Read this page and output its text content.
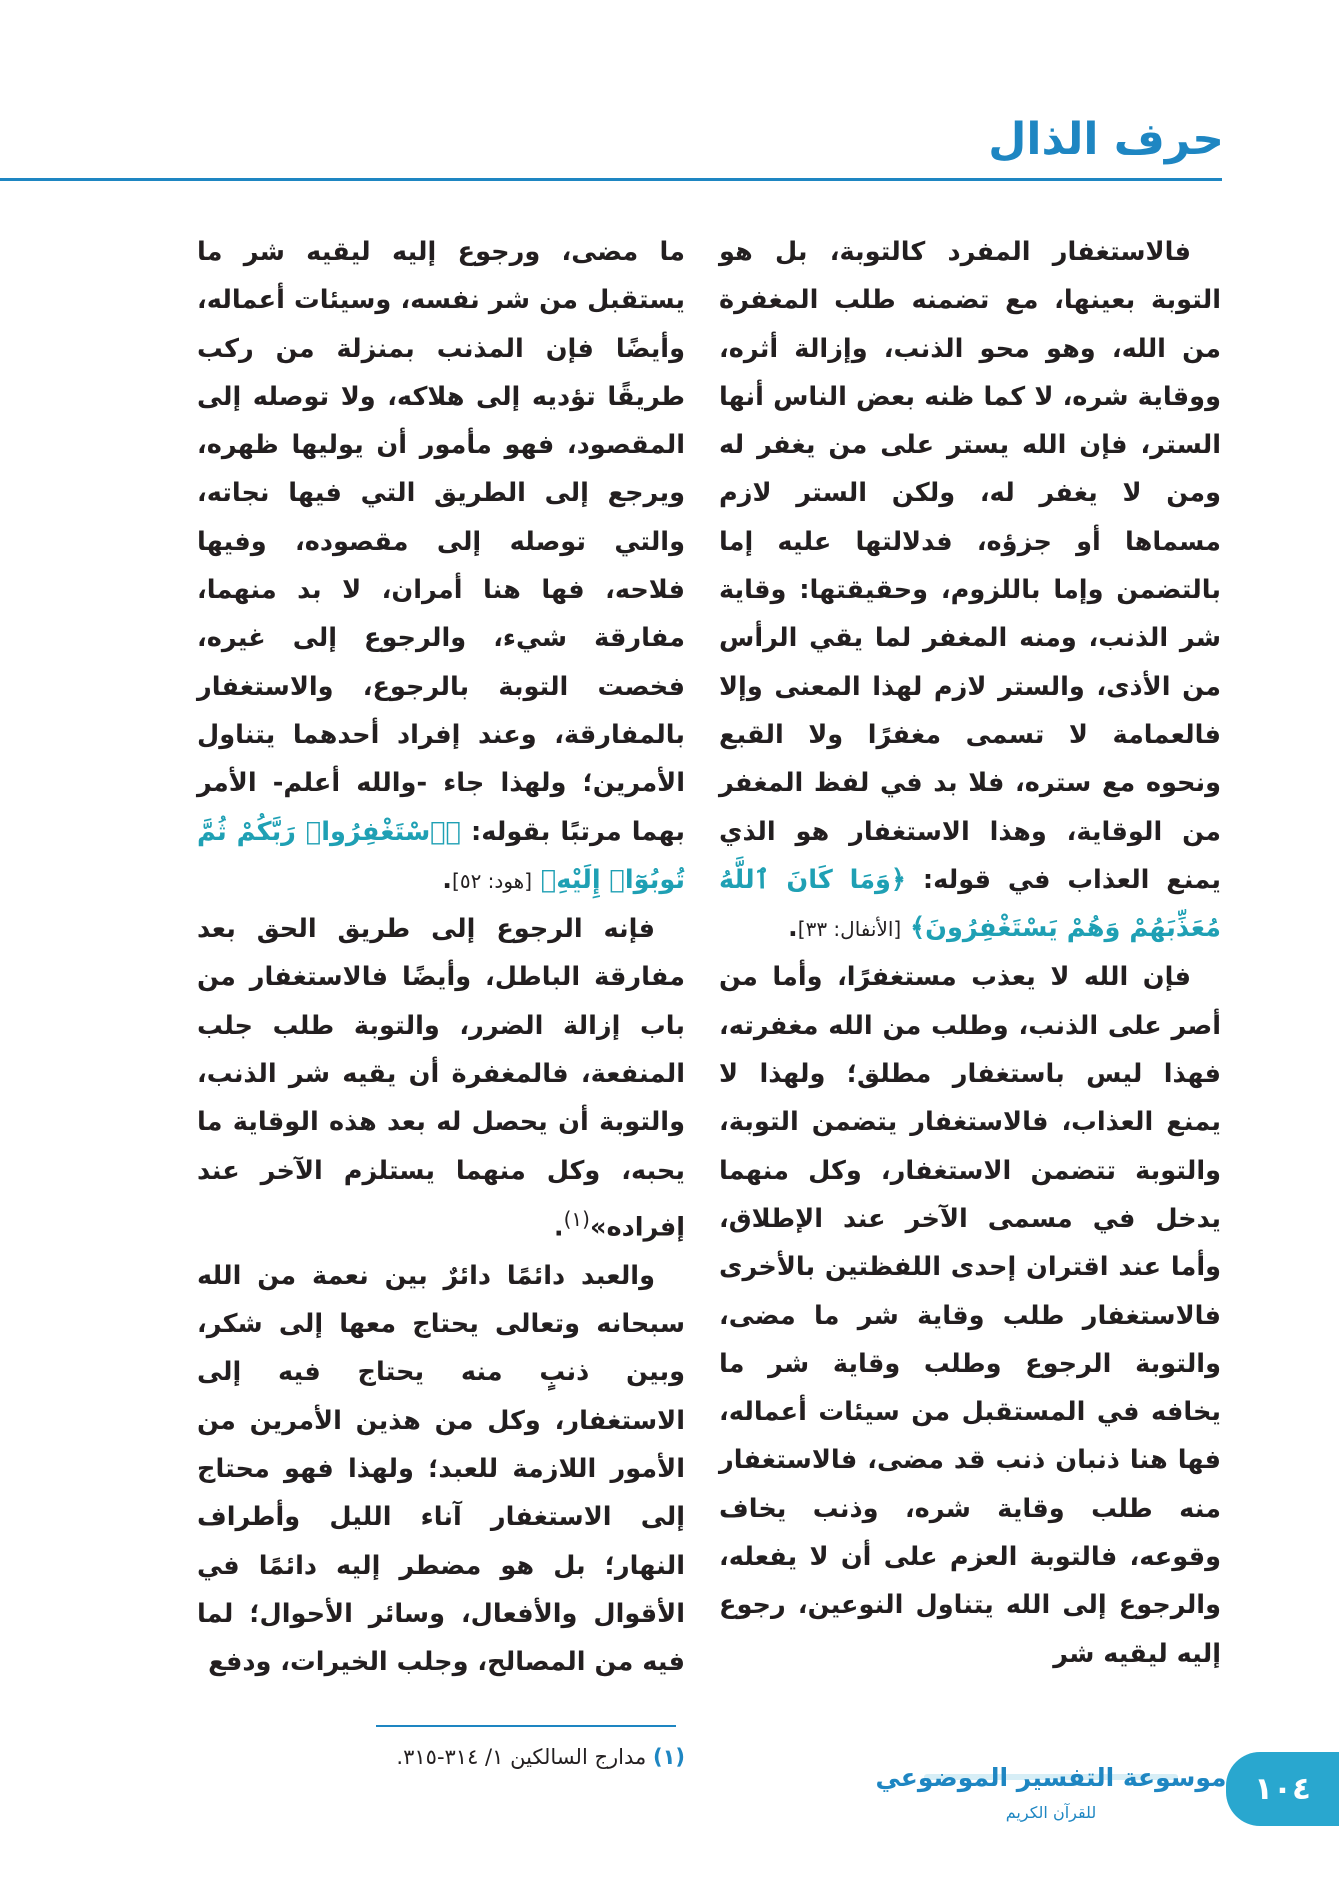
حرف الذال

فالاستغفار المفرد كالتوبة، بل هو التوبة بعينها، مع تضمنه طلب المغفرة من الله، وهو محو الذنب، وإزالة أثره، ووقاية شره، لا كما ظنه بعض الناس أنها الستر، فإن الله يستر على من يغفر له ومن لا يغفر له، ولكن الستر لازم مسماها أو جزؤه، فدلالتها عليه إما بالتضمن وإما باللزوم، وحقيقتها: وقاية شر الذنب، ومنه المغفر لما يقي الرأس من الأذى، والستر لازم لهذا المعنى وإلا فالعمامة لا تسمى مغفرًا ولا القبع ونحوه مع ستره، فلا بد في لفظ المغفر من الوقاية، وهذا الاستغفار هو الذي يمنع العذاب في قوله: ﴿وَمَا كَانَ ٱللَّهُ مُعَذِّبَهُمْ وَهُمْ يَسْتَغْفِرُونَ﴾ [الأنفال: ٣٣].

فإن الله لا يعذب مستغفرًا، وأما من أصر على الذنب، وطلب من الله مغفرته، فهذا ليس باستغفار مطلق؛ ولهذا لا يمنع العذاب، فالاستغفار يتضمن التوبة، والتوبة تتضمن الاستغفار، وكل منهما يدخل في مسمى الآخر عند الإطلاق، وأما عند اقتران إحدى اللفظتين بالأخرى فالاستغفار طلب وقاية شر ما مضى، والتوبة الرجوع وطلب وقاية شر ما يخافه في المستقبل من سيئات أعماله، فها هنا ذنبان ذنب قد مضى، فالاستغفار منه طلب وقاية شره، وذنب يخاف وقوعه، فالتوبة العزم على أن لا يفعله، والرجوع إلى الله يتناول النوعين، رجوع إليه ليقيه شر

ما مضى، ورجوع إليه ليقيه شر ما يستقبل من شر نفسه، وسيئات أعماله، وأيضًا فإن المذنب بمنزلة من ركب طريقًا تؤديه إلى هلاكه، ولا توصله إلى المقصود، فهو مأمور أن يوليها ظهره، ويرجع إلى الطريق التي فيها نجاته، والتي توصله إلى مقصوده، وفيها فلاحه، فها هنا أمران، لا بد منهما، مفارقة شيء، والرجوع إلى غيره، فخصت التوبة بالرجوع، والاستغفار بالمفارقة، وعند إفراد أحدهما يتناول الأمرين؛ ولهذا جاء -والله أعلم- الأمر بهما مرتبًا بقوله: ﴿ٱسْتَغْفِرُوا۟ رَبَّكُمْ ثُمَّ تُوبُوٓا۟ إِلَيْهِ﴾ [هود: ٥٢].

فإنه الرجوع إلى طريق الحق بعد مفارقة الباطل، وأيضًا فالاستغفار من باب إزالة الضرر، والتوبة طلب جلب المنفعة، فالمغفرة أن يقيه شر الذنب، والتوبة أن يحصل له بعد هذه الوقاية ما يحبه، وكل منهما يستلزم الآخر عند إفراده»$^{(١)}$.

والعبد دائمًا دائرٌ بين نعمة من الله سبحانه وتعالى يحتاج معها إلى شكر، وبين ذنبٍ منه يحتاج فيه إلى الاستغفار، وكل من هذين الأمرين من الأمور اللازمة للعبد؛ ولهذا فهو محتاج إلى الاستغفار آناء الليل وأطراف النهار؛ بل هو مضطر إليه دائمًا في الأقوال والأفعال، وسائر الأحوال؛ لما فيه من المصالح، وجلب الخيرات، ودفع

(١) مدارج السالكين ١/ ٣١٤-٣١٥.
١٠٤
موسوعة التفسير الموضوعي
للقرآن الكريم
